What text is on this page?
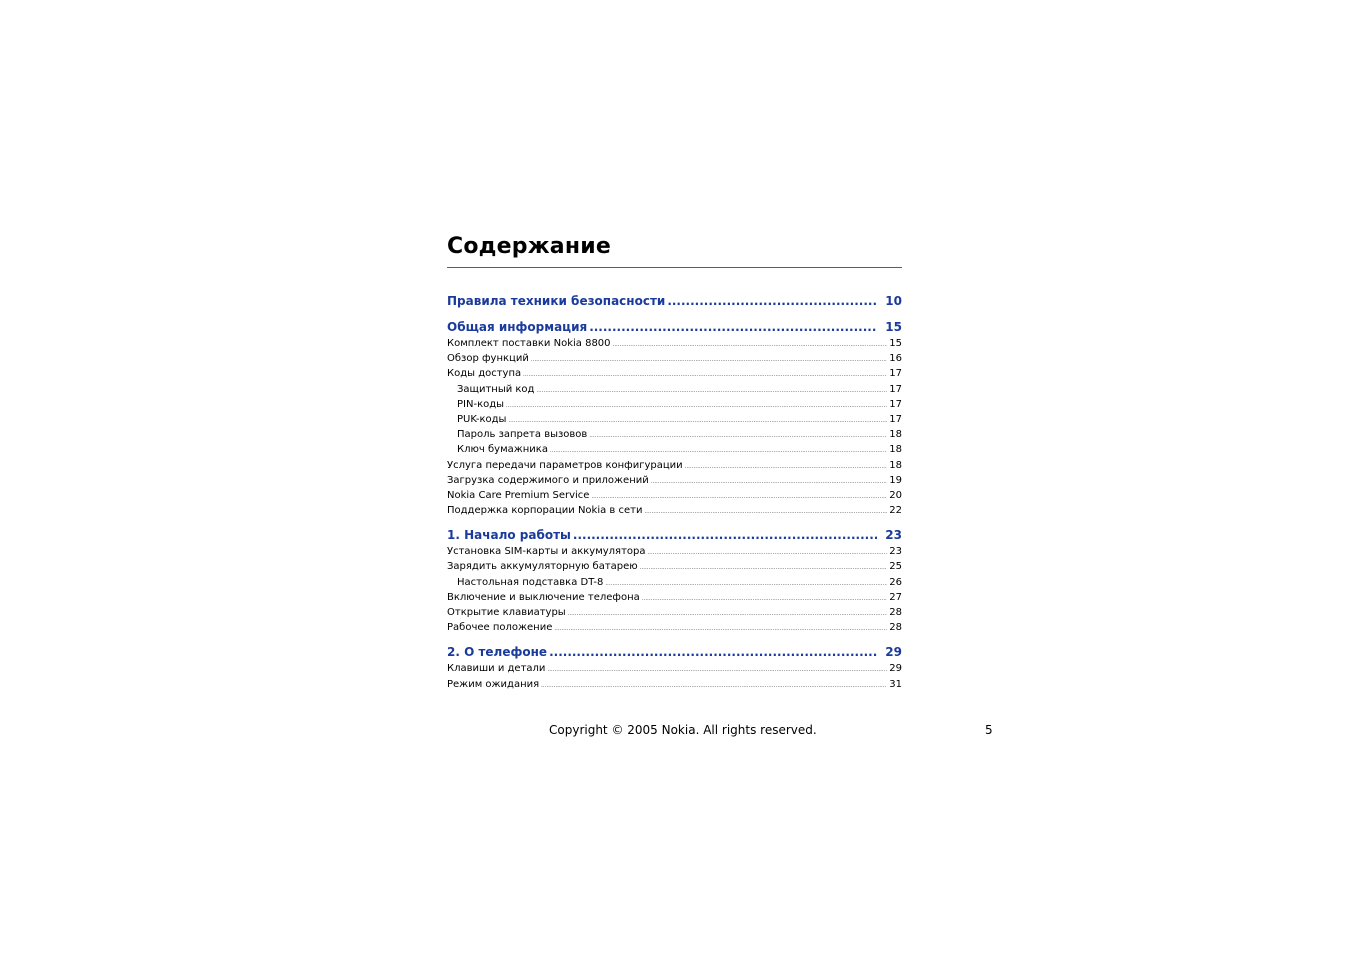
Содержание
Правила техники безопасности .....	10
Общая информация .....	15
Комплект поставки Nokia 8800 .....	15
Обзор функций .....	16
Коды доступа .....	17
Защитный код .....	17
PIN-коды .....	17
PUK-коды .....	17
Пароль запрета вызовов .....	18
Ключ бумажника .....	18
Услуга передачи параметров конфигурации .....	18
Загрузка содержимого и приложений .....	19
Nokia Care Premium Service .....	20
Поддержка корпорации Nokia в сети .....	22
1. Начало работы .....	23
Установка SIM-карты и аккумулятора .....	23
Зарядить аккумуляторную батарею .....	25
Настольная подставка DT-8 .....	26
Включение и выключение телефона .....	27
Открытие клавиатуры .....	28
Рабочее положение .....	28
2. О телефоне .....	29
Клавиши и детали .....	29
Режим ожидания .....	31
Copyright © 2005 Nokia. All rights reserved.	5
